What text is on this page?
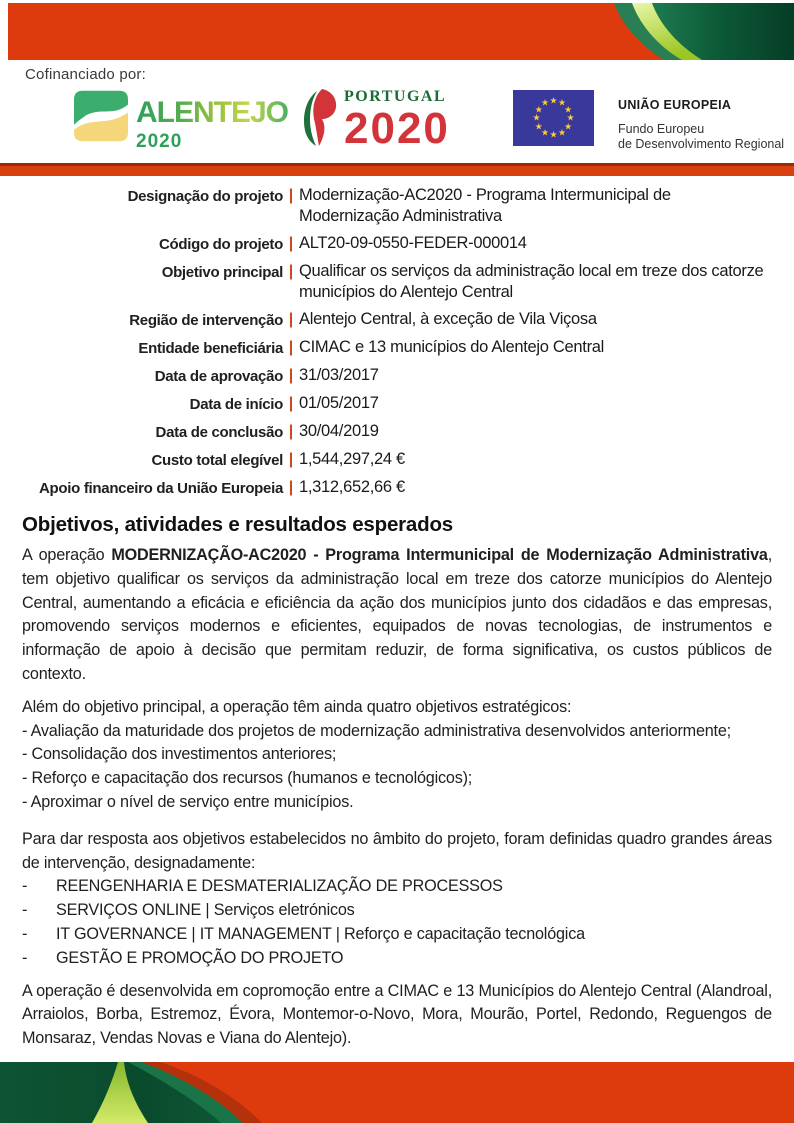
Cofinanciado por:
ALENTEJO
2020
PORTUGAL
2020
★ ★
★
★
★
★
★
★
★
★
★
★	UNIÃO EUROPEIA
Fundo Europeu
de Desenvolvimento Regional
Designação do projeto | Modernização-AC2020 - Programa Intermunicipal de Modernização Administrativa
Código do projeto | ALT20-09-0550-FEDER-000014
Objetivo principal | Qualificar os serviços da administração local em treze dos catorze municípios do Alentejo Central
Região de intervenção | Alentejo Central, à exceção de Vila Viçosa
Entidade beneficiária | CIMAC e 13 municípios do Alentejo Central
Data de aprovação | 31/03/2017
Data de início | 01/05/2017
Data de conclusão | 30/04/2019
Custo total elegível | 1,544,297,24 €
Apoio financeiro da União Europeia | 1,312,652,66 €
Objetivos, atividades e resultados esperados

A operação MODERNIZAÇÃO-AC2020 - Programa Intermunicipal de Modernização Administrativa, tem objetivo qualificar os serviços da administração local em treze dos catorze municípios do Alentejo Central, aumentando a eficácia e eficiência da ação dos municípios junto dos cidadãos e das empresas, promovendo serviços modernos e eficientes, equipados de novas tecnologias, de instrumentos e informação de apoio à decisão que permitam reduzir, de forma significativa, os custos públicos de contexto.

Além do objetivo principal, a operação têm ainda quatro objetivos estratégicos:
- Avaliação da maturidade dos projetos de modernização administrativa desenvolvidos anteriormente;
- Consolidação dos investimentos anteriores;
- Reforço e capacitação dos recursos (humanos e tecnológicos);
- Aproximar o nível de serviço entre municípios.

Para dar resposta aos objetivos estabelecidos no âmbito do projeto, foram definidas quadro grandes áreas de intervenção, designadamente:

-	REENGENHARIA E DESMATERIALIZAÇÃO DE PROCESSOS
-	SERVIÇOS ONLINE | Serviços eletrónicos
-	IT GOVERNANCE | IT MANAGEMENT | Reforço e capacitação tecnológica
-	GESTÃO E PROMOÇÃO DO PROJETO

A operação é desenvolvida em copromoção entre a CIMAC e 13 Municípios do Alentejo Central (Alandroal, Arraiolos, Borba, Estremoz, Évora, Montemor-o-Novo, Mora, Mourão, Portel, Redondo, Reguengos de Monsaraz, Vendas Novas e Viana do Alentejo).
